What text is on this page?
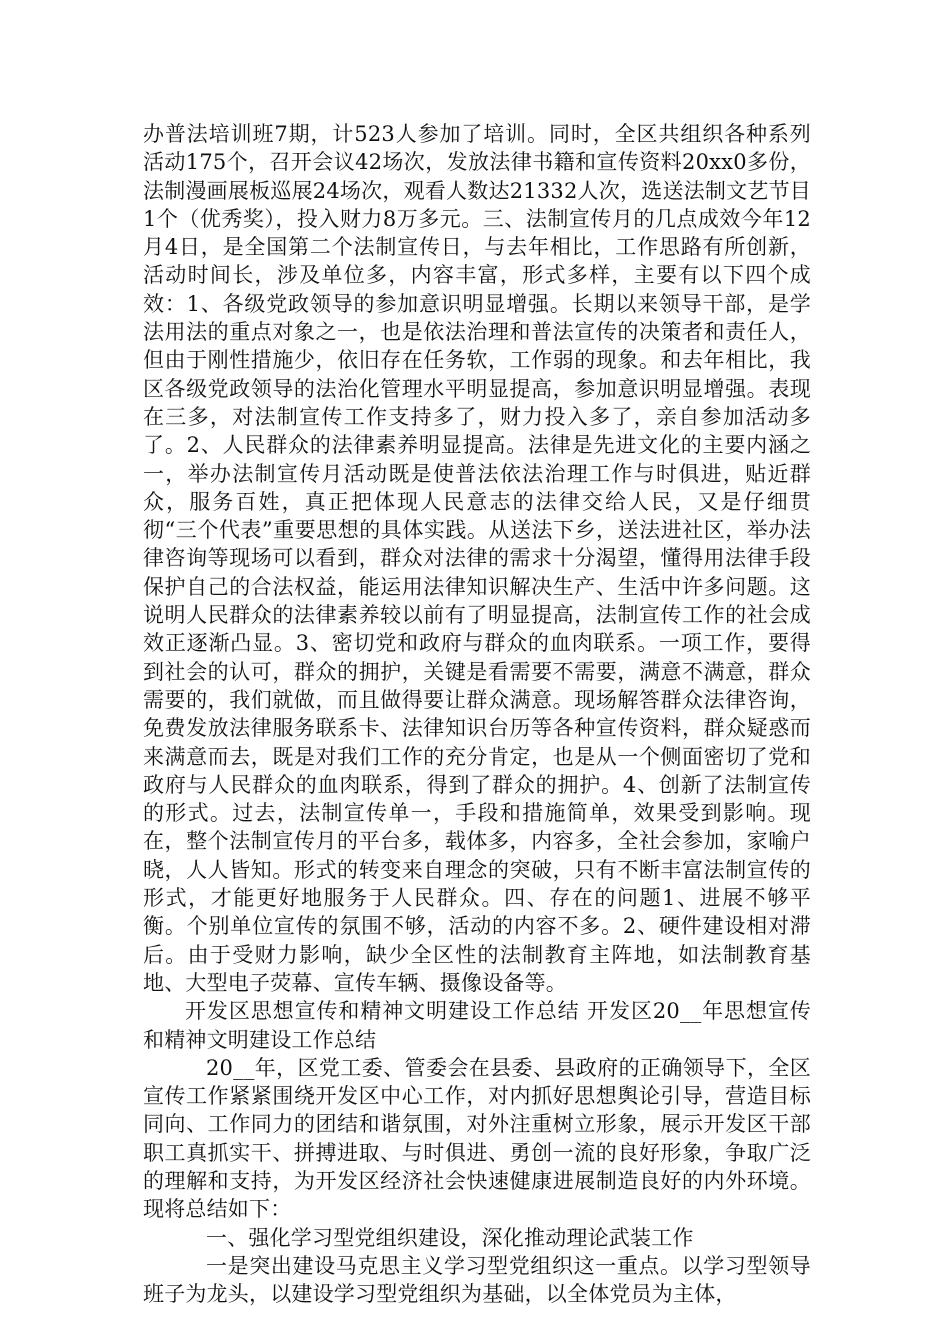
办普法培训班7期，计523人参加了培训。同时，全区共组织各种系列活动175个，召开会议42场次，发放法律书籍和宣传资料20xx0多份，法制漫画展板巡展24场次，观看人数达21332人次，选送法制文艺节目1个（优秀奖），投入财力8万多元。三、法制宣传月的几点成效今年12月4日，是全国第二个法制宣传日，与去年相比，工作思路有所创新，活动时间长，涉及单位多，内容丰富，形式多样，主要有以下四个成效：1、各级党政领导的参加意识明显增强。长期以来领导干部，是学法用法的重点对象之一，也是依法治理和普法宣传的决策者和责任人，但由于刚性措施少，依旧存在任务软，工作弱的现象。和去年相比，我区各级党政领导的法治化管理水平明显提高，参加意识明显增强。表现在三多，对法制宣传工作支持多了，财力投入多了，亲自参加活动多了。2、人民群众的法律素养明显提高。法律是先进文化的主要内涵之一，举办法制宣传月活动既是使普法依法治理工作与时俱进，贴近群众，服务百姓，真正把体现人民意志的法律交给人民，又是仔细贯彻“三个代表”重要思想的具体实践。从送法下乡，送法进社区，举办法律咨询等现场可以看到，群众对法律的需求十分渴望，懂得用法律手段保护自己的合法权益，能运用法律知识解决生产、生活中许多问题。这说明人民群众的法律素养较以前有了明显提高，法制宣传工作的社会成效正逐渐凸显。3、密切党和政府与群众的血肉联系。一项工作，要得到社会的认可，群众的拥护，关键是看需要不需要，满意不满意，群众需要的，我们就做，而且做得要让群众满意。现场解答群众法律咨询，免费发放法律服务联系卡、法律知识台历等各种宣传资料，群众疑惑而来满意而去，既是对我们工作的充分肯定，也是从一个侧面密切了党和政府与人民群众的血肉联系，得到了群众的拥护。4、创新了法制宣传的形式。过去，法制宣传单一，手段和措施简单，效果受到影响。现在，整个法制宣传月的平台多，载体多，内容多，全社会参加，家喻户晓，人人皆知。形式的转变来自理念的突破，只有不断丰富法制宣传的形式，才能更好地服务于人民群众。四、存在的问题1、进展不够平衡。个别单位宣传的氛围不够，活动的内容不多。2、硬件建设相对滞后。由于受财力影响，缺少全区性的法制教育主阵地，如法制教育基地、大型电子荧幕、宣传车辆、摄像设备等。

开发区思想宣传和精神文明建设工作总结 开发区20__年思想宣传和精神文明建设工作总结

20__年，区党工委、管委会在县委、县政府的正确领导下，全区宣传工作紧紧围绕开发区中心工作，对内抓好思想舆论引导，营造目标同向、工作同力的团结和谐氛围，对外注重树立形象，展示开发区干部职工真抓实干、拼搏进取、与时俱进、勇创一流的良好形象，争取广泛的理解和支持，为开发区经济社会快速健康进展制造良好的内外环境。现将总结如下：

一、强化学习型党组织建设，深化推动理论武装工作

一是突出建设马克思主义学习型党组织这一重点。以学习型领导班子为龙头，以建设学习型党组织为基础，以全体党员为主体，
